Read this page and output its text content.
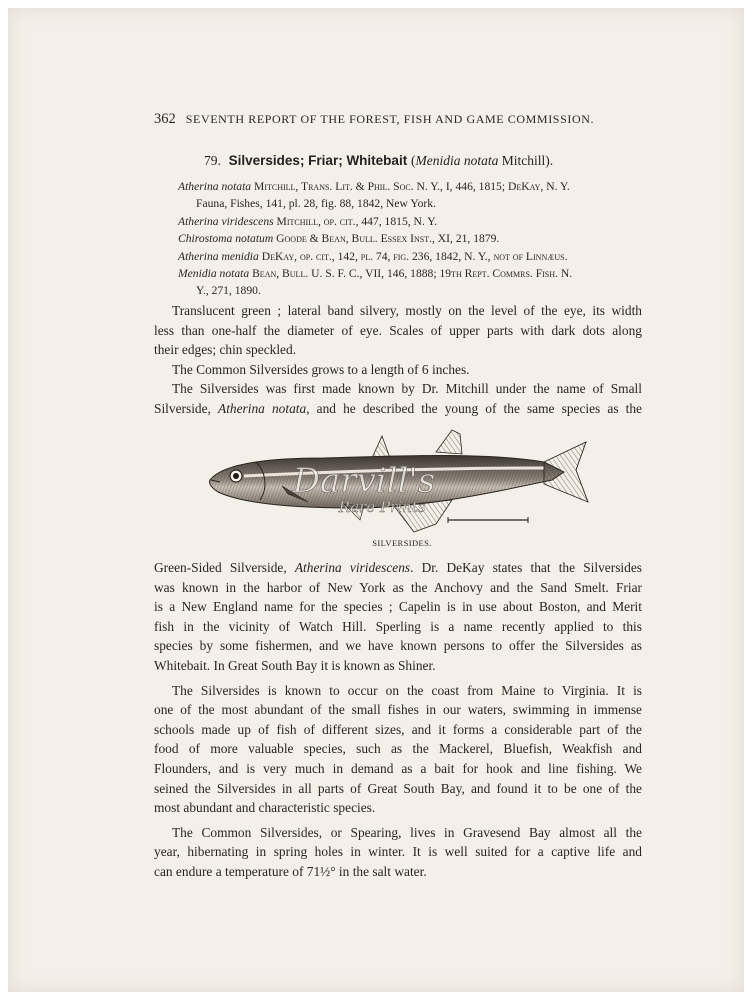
362 SEVENTH REPORT OF THE FOREST, FISH AND GAME COMMISSION.
79. Silversides; Friar; Whitebait (Menidia notata Mitchill).
Atherina notata Mitchill, Trans. Lit. & Phil. Soc. N. Y., I, 446, 1815; DeKay, N. Y.
Fauna, Fishes, 141, pl. 28, fig. 88, 1842, New York.
Atherina viridescens Mitchill, op. cit., 447, 1815, N. Y.
Chirostoma notatum Goode & Bean, Bull. Essex Inst., XI, 21, 1879.
Atherina menidia DeKay, op. cit., 142, pl. 74, fig. 236, 1842, N. Y., not of Linnæus.
Menidia notata Bean, Bull. U. S. F. C., VII, 146, 1888; 19th Rept. Commrs. Fish. N.
Y., 271, 1890.
Translucent green ; lateral band silvery, mostly on the level of the eye, its width
less than one-half the diameter of eye. Scales of upper parts with dark dots along
their edges; chin speckled.
The Common Silversides grows to a length of 6 inches.
The Silversides was first made known by Dr. Mitchill under the name of Small
Silverside, Atherina notata, and he described the young of the same species as the
Darvill's
Rare Prints
SILVERSIDES.
Green-Sided Silverside, Atherina viridescens. Dr. DeKay states that the Silversides
was known in the harbor of New York as the Anchovy and the Sand Smelt. Friar
is a New England name for the species ; Capelin is in use about Boston, and Merit
fish in the vicinity of Watch Hill. Sperling is a name recently applied to this
species by some fishermen, and we have known persons to offer the Silversides as
Whitebait. In Great South Bay it is known as Shiner.
The Silversides is known to occur on the coast from Maine to Virginia. It is
one of the most abundant of the small fishes in our waters, swimming in immense
schools made up of fish of different sizes, and it forms a considerable part of the
food of more valuable species, such as the Mackerel, Bluefish, Weakfish and
Flounders, and is very much in demand as a bait for hook and line fishing. We
seined the Silversides in all parts of Great South Bay, and found it to be one of the
most abundant and characteristic species.
The Common Silversides, or Spearing, lives in Gravesend Bay almost all the
year, hibernating in spring holes in winter. It is well suited for a captive life and
can endure a temperature of 71½° in the salt water.
